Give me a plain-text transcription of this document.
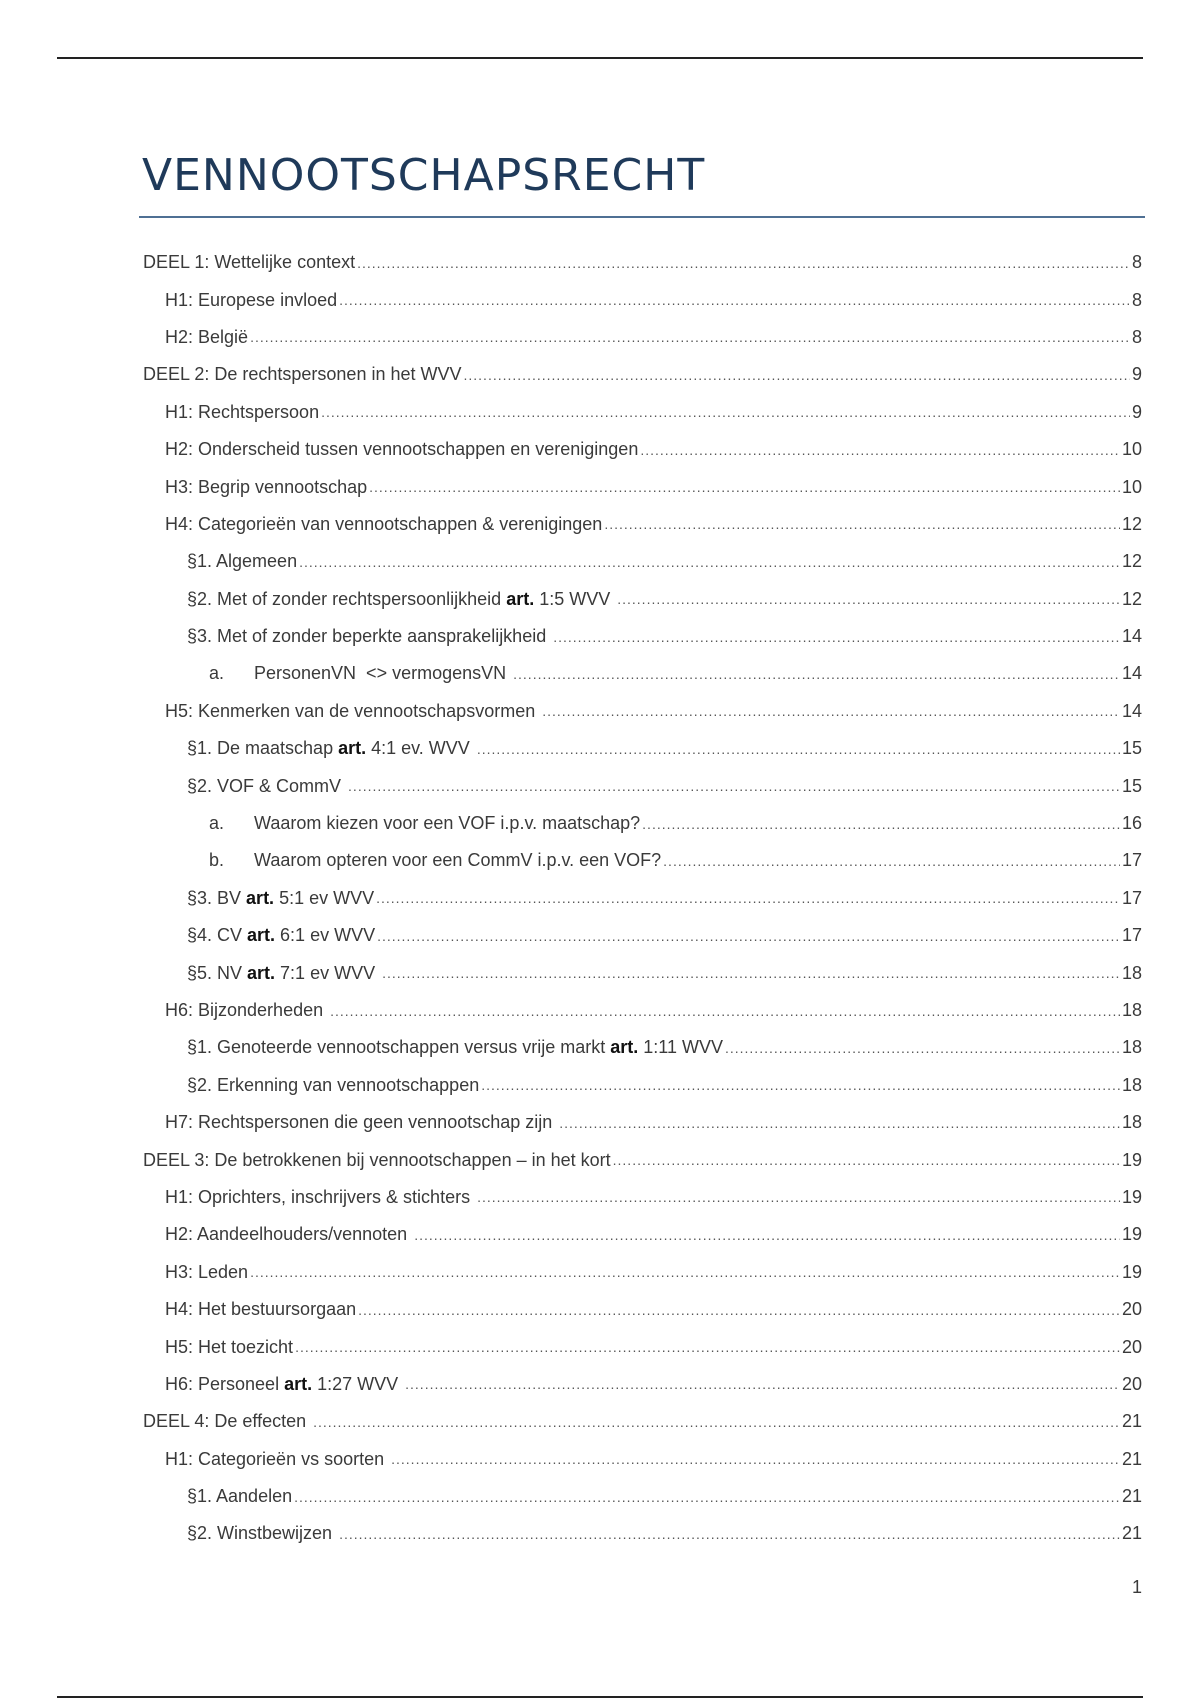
VENNOOTSCHAPSRECHT
DEEL 1: Wettelijke context .....	8
H1: Europese invloed .....	8
H2: België .....	8
DEEL 2: De rechtspersonen in het WVV .....	9
H1: Rechtspersoon .....	9
H2: Onderscheid tussen vennootschappen en verenigingen .....	10
H3: Begrip vennootschap .....	10
H4: Categorieën van vennootschappen & verenigingen .....	12
§1. Algemeen .....	12
§2. Met of zonder rechtspersoonlijkheid art. 1:5 WVV .....	12
§3. Met of zonder beperkte aansprakelijkheid .....	14
a.	PersonenVN  <> vermogensVN .....	14
H5: Kenmerken van de vennootschapsvormen .....	14
§1. De maatschap art. 4:1 ev. WVV .....	15
§2. VOF & CommV .....	15
a.	Waarom kiezen voor een VOF i.p.v. maatschap? .....	16
b.	Waarom opteren voor een CommV i.p.v. een VOF? .....	17
§3. BV art. 5:1 ev WVV .....	17
§4. CV art. 6:1 ev WVV .....	17
§5. NV art. 7:1 ev WVV .....	18
H6: Bijzonderheden .....	18
§1. Genoteerde vennootschappen versus vrije markt art. 1:11 WVV .....	18
§2. Erkenning van vennootschappen .....	18
H7: Rechtspersonen die geen vennootschap zijn .....	18
DEEL 3: De betrokkenen bij vennootschappen – in het kort .....	19
H1: Oprichters, inschrijvers & stichters .....	19
H2: Aandeelhouders/vennoten .....	19
H3: Leden .....	19
H4: Het bestuursorgaan .....	20
H5: Het toezicht .....	20
H6: Personeel art. 1:27 WVV .....	20
DEEL 4: De effecten .....	21
H1: Categorieën vs soorten .....	21
§1. Aandelen .....	21
§2. Winstbewijzen .....	21
1
